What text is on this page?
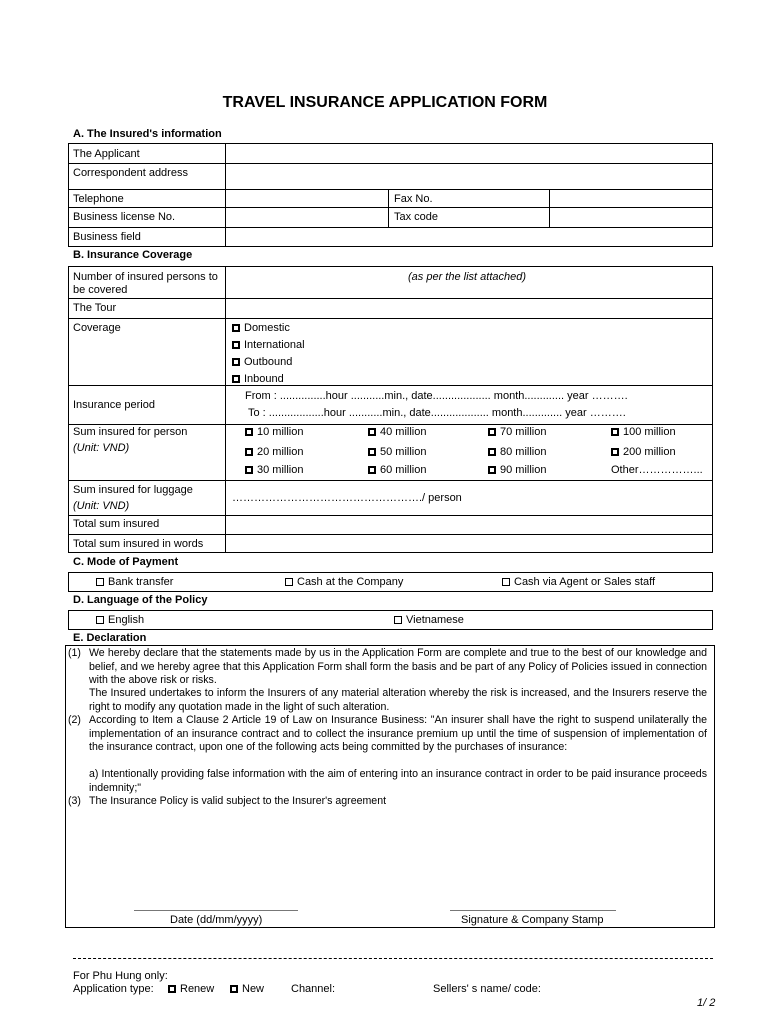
TRAVEL INSURANCE APPLICATION FORM
A. The Insured's information
The Applicant
Correspondent address
Telephone	Fax No.
Business license No.	Tax code
Business field
B. Insurance Coverage
Number of insured persons to
be covered
(as per the list attached)
The Tour
Coverage	Domestic
International
Outbound
Inbound
Insurance period
From : ...............hour ...........min., date................... month............. year ……….
To : ..................hour ...........min., date................... month............. year ……….
Sum insured for person
(Unit: VND)
10 million	40 million	70 million	100 million
20 million	50 million	80 million	200 million
30 million	60 million	90 million	Other……………...
Sum insured for luggage
(Unit: VND)
……………………………………………./ person
Total sum insured
Total sum insured in words
C. Mode of Payment
Bank transfer	Cash at the Company	Cash via Agent or Sales staff
D. Language of the Policy
English	Vietnamese
E. Declaration
(1) We hereby declare that the statements made by us in the Application Form are complete and true to the best of our knowledge and belief, and we hereby agree that this Application Form shall form the basis and be part of any Policy of Policies issued in connection with the above risk or risks.
The Insured undertakes to inform the Insurers of any material alteration whereby the risk is increased, and the Insurers reserve the right to modify any quotation made in the light of such alteration.
(2) According to Item a Clause 2 Article 19 of Law on Insurance Business: "An insurer shall have the right to suspend unilaterally the implementation of an insurance contract and to collect the insurance premium up until the time of suspension of implementation of the insurance contract, upon one of the following acts being committed by the purchases of insurance:
a) Intentionally providing false information with the aim of entering into an insurance contract in order to be paid insurance proceeds indemnity;"
(3) The Insurance Policy is valid subject to the Insurer's agreement
Date (dd/mm/yyyy)	Signature & Company Stamp
For Phu Hung only:
Application type:	Renew	New Channel:	Sellers' s name/ code:
1/ 2
